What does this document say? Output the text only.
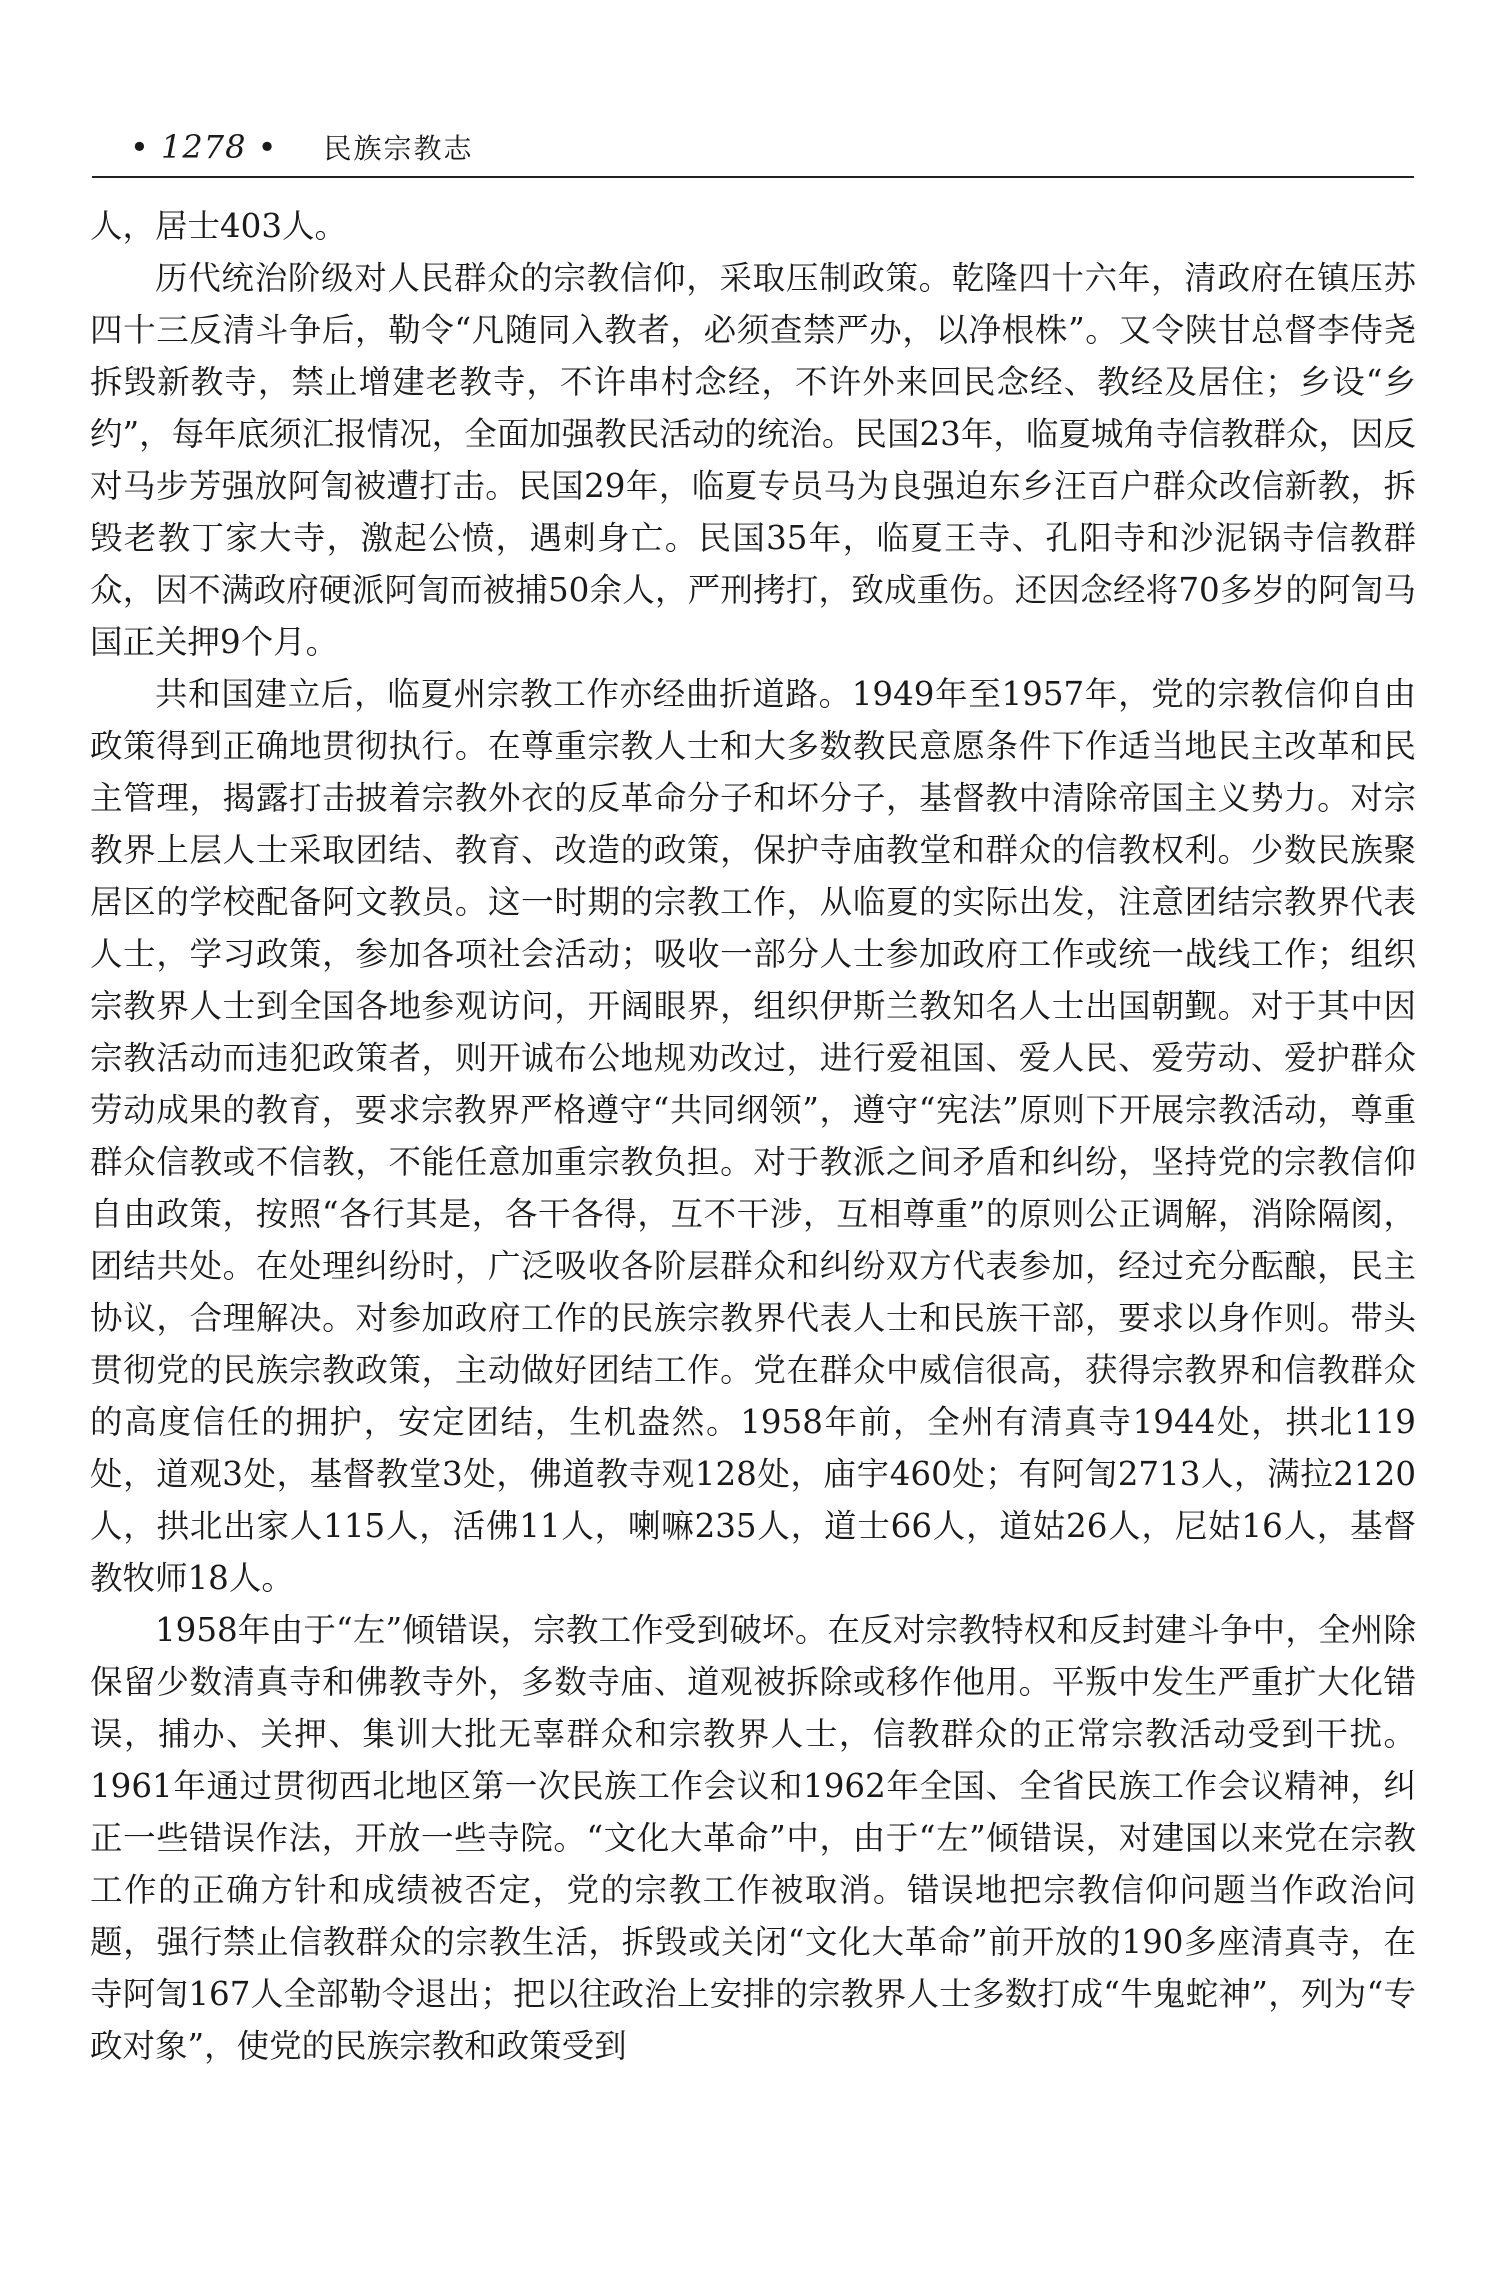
• 1278 • 民族宗教志

人，居士403人。

历代统治阶级对人民群众的宗教信仰，采取压制政策。乾隆四十六年，清政府在镇压苏四十三反清斗争后，勒令“凡随同入教者，必须查禁严办，以净根株”。又令陕甘总督李侍尧拆毁新教寺，禁止增建老教寺，不许串村念经，不许外来回民念经、教经及居住；乡设“乡约”，每年底须汇报情况，全面加强教民活动的统治。民国23年，临夏城角寺信教群众，因反对马步芳强放阿訇被遭打击。民国29年，临夏专员马为良强迫东乡汪百户群众改信新教，拆毁老教丁家大寺，激起公愤，遇刺身亡。民国35年，临夏王寺、孔阳寺和沙泥锅寺信教群众，因不满政府硬派阿訇而被捕50余人，严刑拷打，致成重伤。还因念经将70多岁的阿訇马国正关押9个月。

共和国建立后，临夏州宗教工作亦经曲折道路。1949年至1957年，党的宗教信仰自由政策得到正确地贯彻执行。在尊重宗教人士和大多数教民意愿条件下作适当地民主改革和民主管理，揭露打击披着宗教外衣的反革命分子和坏分子，基督教中清除帝国主义势力。对宗教界上层人士采取团结、教育、改造的政策，保护寺庙教堂和群众的信教权利。少数民族聚居区的学校配备阿文教员。这一时期的宗教工作，从临夏的实际出发，注意团结宗教界代表人士，学习政策，参加各项社会活动；吸收一部分人士参加政府工作或统一战线工作；组织宗教界人士到全国各地参观访问，开阔眼界，组织伊斯兰教知名人士出国朝觐。对于其中因宗教活动而违犯政策者，则开诚布公地规劝改过，进行爱祖国、爱人民、爱劳动、爱护群众劳动成果的教育，要求宗教界严格遵守“共同纲领”，遵守“宪法”原则下开展宗教活动，尊重群众信教或不信教，不能任意加重宗教负担。对于教派之间矛盾和纠纷，坚持党的宗教信仰自由政策，按照“各行其是，各干各得，互不干涉，互相尊重”的原则公正调解，消除隔阂，团结共处。在处理纠纷时，广泛吸收各阶层群众和纠纷双方代表参加，经过充分酝酿，民主协议，合理解决。对参加政府工作的民族宗教界代表人士和民族干部，要求以身作则。带头贯彻党的民族宗教政策，主动做好团结工作。党在群众中威信很高，获得宗教界和信教群众的高度信任的拥护，安定团结，生机盎然。1958年前，全州有清真寺1944处，拱北119处，道观3处，基督教堂3处，佛道教寺观128处，庙宇460处；有阿訇2713人，满拉2120人，拱北出家人115人，活佛11人，喇嘛235人，道士66人，道姑26人，尼姑16人，基督教牧师18人。

1958年由于“左”倾错误，宗教工作受到破坏。在反对宗教特权和反封建斗争中，全州除保留少数清真寺和佛教寺外，多数寺庙、道观被拆除或移作他用。平叛中发生严重扩大化错误，捕办、关押、集训大批无辜群众和宗教界人士，信教群众的正常宗教活动受到干扰。1961年通过贯彻西北地区第一次民族工作会议和1962年全国、全省民族工作会议精神，纠正一些错误作法，开放一些寺院。“文化大革命”中，由于“左”倾错误，对建国以来党在宗教工作的正确方针和成绩被否定，党的宗教工作被取消。错误地把宗教信仰问题当作政治问题，强行禁止信教群众的宗教生活，拆毁或关闭“文化大革命”前开放的190多座清真寺，在寺阿訇167人全部勒令退出；把以往政治上安排的宗教界人士多数打成“牛鬼蛇神”，列为“专政对象”，使党的民族宗教和政策受到
